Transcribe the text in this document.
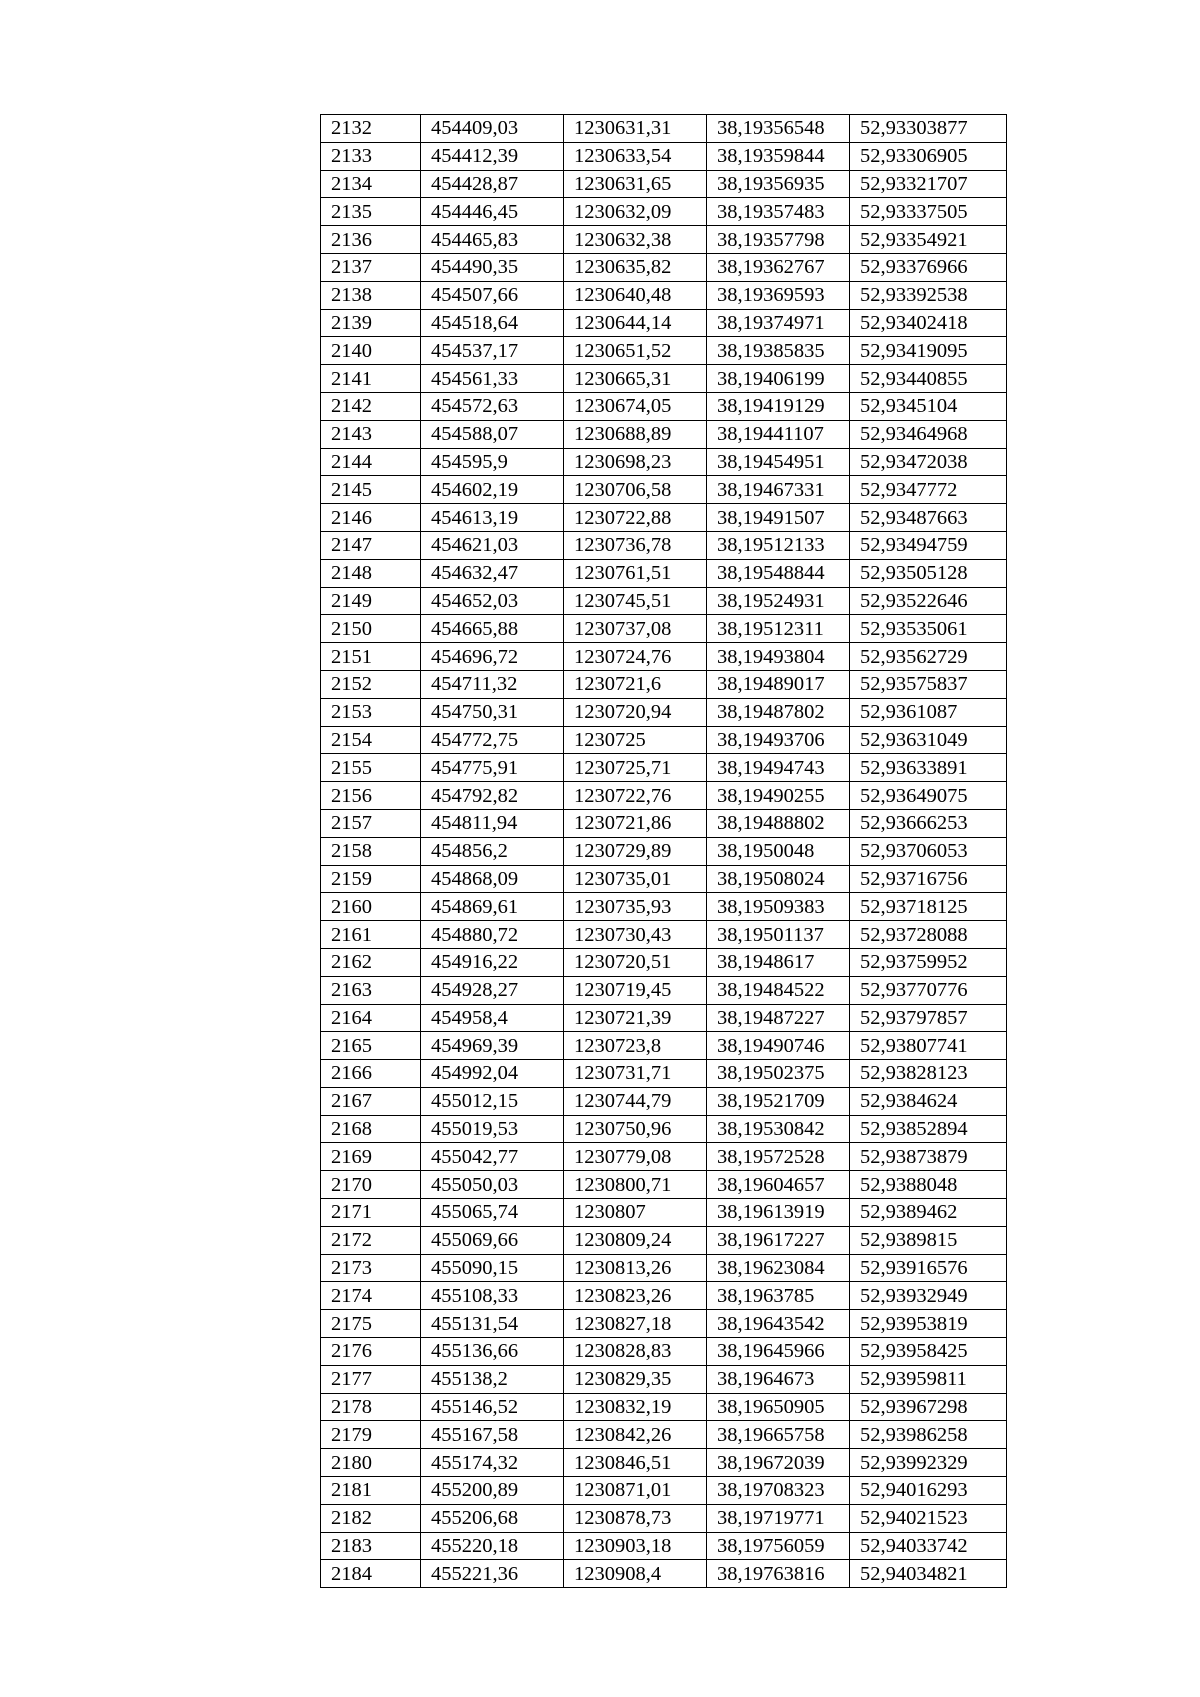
2132	454409,03	1230631,31	38,19356548	52,93303877
2133	454412,39	1230633,54	38,19359844	52,93306905
2134	454428,87	1230631,65	38,19356935	52,93321707
2135	454446,45	1230632,09	38,19357483	52,93337505
2136	454465,83	1230632,38	38,19357798	52,93354921
2137	454490,35	1230635,82	38,19362767	52,93376966
2138	454507,66	1230640,48	38,19369593	52,93392538
2139	454518,64	1230644,14	38,19374971	52,93402418
2140	454537,17	1230651,52	38,19385835	52,93419095
2141	454561,33	1230665,31	38,19406199	52,93440855
2142	454572,63	1230674,05	38,19419129	52,9345104
2143	454588,07	1230688,89	38,19441107	52,93464968
2144	454595,9	1230698,23	38,19454951	52,93472038
2145	454602,19	1230706,58	38,19467331	52,9347772
2146	454613,19	1230722,88	38,19491507	52,93487663
2147	454621,03	1230736,78	38,19512133	52,93494759
2148	454632,47	1230761,51	38,19548844	52,93505128
2149	454652,03	1230745,51	38,19524931	52,93522646
2150	454665,88	1230737,08	38,19512311	52,93535061
2151	454696,72	1230724,76	38,19493804	52,93562729
2152	454711,32	1230721,6	38,19489017	52,93575837
2153	454750,31	1230720,94	38,19487802	52,9361087
2154	454772,75	1230725	38,19493706	52,93631049
2155	454775,91	1230725,71	38,19494743	52,93633891
2156	454792,82	1230722,76	38,19490255	52,93649075
2157	454811,94	1230721,86	38,19488802	52,93666253
2158	454856,2	1230729,89	38,1950048	52,93706053
2159	454868,09	1230735,01	38,19508024	52,93716756
2160	454869,61	1230735,93	38,19509383	52,93718125
2161	454880,72	1230730,43	38,19501137	52,93728088
2162	454916,22	1230720,51	38,1948617	52,93759952
2163	454928,27	1230719,45	38,19484522	52,93770776
2164	454958,4	1230721,39	38,19487227	52,93797857
2165	454969,39	1230723,8	38,19490746	52,93807741
2166	454992,04	1230731,71	38,19502375	52,93828123
2167	455012,15	1230744,79	38,19521709	52,9384624
2168	455019,53	1230750,96	38,19530842	52,93852894
2169	455042,77	1230779,08	38,19572528	52,93873879
2170	455050,03	1230800,71	38,19604657	52,9388048
2171	455065,74	1230807	38,19613919	52,9389462
2172	455069,66	1230809,24	38,19617227	52,9389815
2173	455090,15	1230813,26	38,19623084	52,93916576
2174	455108,33	1230823,26	38,1963785	52,93932949
2175	455131,54	1230827,18	38,19643542	52,93953819
2176	455136,66	1230828,83	38,19645966	52,93958425
2177	455138,2	1230829,35	38,1964673	52,93959811
2178	455146,52	1230832,19	38,19650905	52,93967298
2179	455167,58	1230842,26	38,19665758	52,93986258
2180	455174,32	1230846,51	38,19672039	52,93992329
2181	455200,89	1230871,01	38,19708323	52,94016293
2182	455206,68	1230878,73	38,19719771	52,94021523
2183	455220,18	1230903,18	38,19756059	52,94033742
2184	455221,36	1230908,4	38,19763816	52,94034821
